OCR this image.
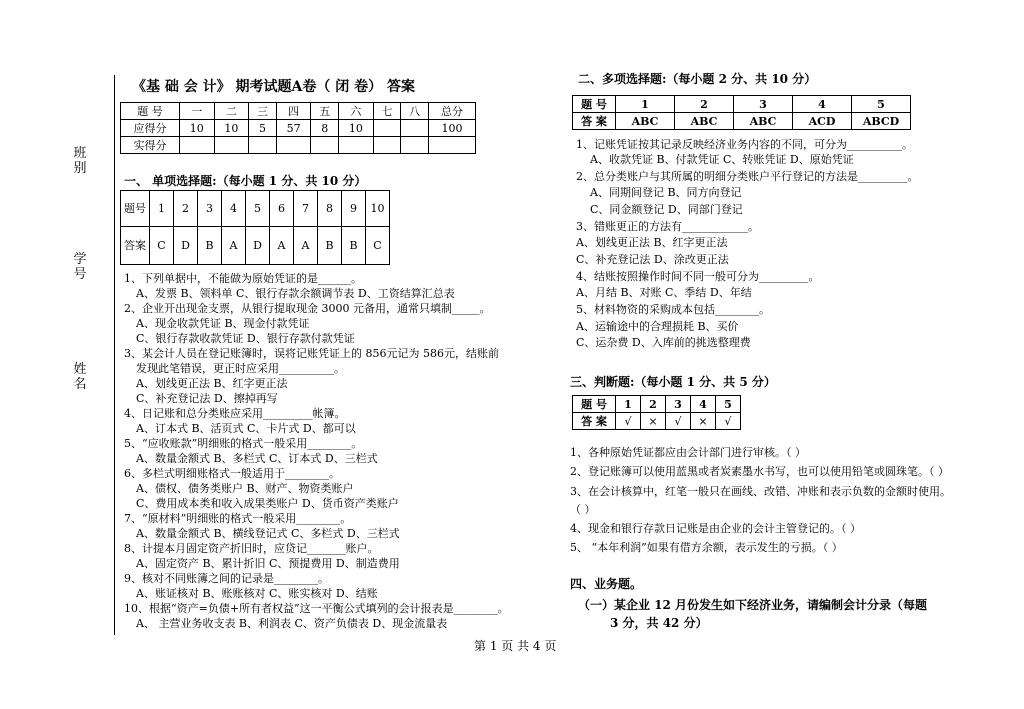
班别
学号
姓名
《基 础 会 计》 期考试题A卷（ 闭 卷） 答案
题 号	一	二	三	四	五	六	七	八	总分
应得分	10	10	5	57	8	10			100
实得分									
一、 单项选择题:（每小题 1 分、共 10 分）
题号	1	2	3	4	5	6	7	8	9	10
答案	C	D	B	A	D	A	A	B	B	C
1、下列单据中，不能做为原始凭证的是______。
A、发票 B、领料单 C、银行存款余额调节表 D、工资结算汇总表
2、企业开出现金支票，从银行提取现金 3000 元备用，通常只填制_____。
A、现金收款凭证 B、现金付款凭证
C、银行存款收款凭证 D、银行存款付款凭证
3、某会计人员在登记账簿时，误将记账凭证上的 856元记为 586元，结账前
发现此笔错误，更正时应采用__________。
A、划线更正法 B、红字更正法
C、补充登记法 D、擦掉再写
4、日记账和总分类账应采用_________帐簿。
A、订本式 B、活页式 C、卡片式 D、都可以
5、“应收账款”明细账的格式一般采用________。
A、数量金额式 B、多栏式 C、订本式 D、三栏式
6、多栏式明细账格式一般适用于________。
A、债权、债务类账户 B、财产、物资类账户
C、费用成本类和收入成果类账户 D、货币资产类账户
7、“原材料”明细账的格式一般采用________。
A、数量金额式 B、横线登记式 C、多栏式 D、三栏式
8、计提本月固定资产折旧时，应贷记_______账户。
A、固定资产 B、累计折旧 C、预提费用 D、制造费用
9、核对不同账簿之间的记录是________。
A、账证核对 B、账账核对 C、账实核对 D、结账
10、根据“资产=负债+所有者权益”这一平衡公式填列的会计报表是________。
A、 主营业务收支表 B、利润表 C、资产负债表 D、现金流量表
二、多项选择题:（每小题 2 分、共 10 分）
题 号	1	2	3	4	5
答 案	ABC	ABC	ABC	ACD	ABCD
1、记账凭证按其记录反映经济业务内容的不同，可分为__________。
A、收款凭证 B、付款凭证 C、转账凭证 D、原始凭证
2、总分类账户与其所属的明细分类账户平行登记的方法是_________。
A、同期间登记 B、同方向登记
C、同金额登记 D、同部门登记
3、错账更正的方法有____________。
A、划线更正法 B、红字更正法
C、补充登记法 D、涂改更正法
4、结账按照操作时间不同一般可分为_________。
A、月结 B、对账 C、季结 D、年结
5、材料物资的采购成本包括________。
A、运输途中的合理损耗 B、买价
C、运杂费 D、入库前的挑选整理费
三、判断题:（每小题 1 分、共 5 分）
题 号	1	2	3	4	5
答 案	√	×	√	×	√
1、各种原始凭证都应由会计部门进行审核。（ ）
2、登记账簿可以使用蓝黑或者炭素墨水书写，也可以使用铅笔或圆珠笔。（ ）
3、在会计核算中，红笔一般只在画线、改错、冲账和表示负数的金额时使用。
（ ）
4、现金和银行存款日记账是由企业的会计主管登记的。（ ）
5、 “本年利润”如果有借方余额，表示发生的亏损。（ ）
四、业务题。
（一）某企业 12 月份发生如下经济业务，请编制会计分录（每题
3 分，共 42 分）
第 1 页 共 4 页
